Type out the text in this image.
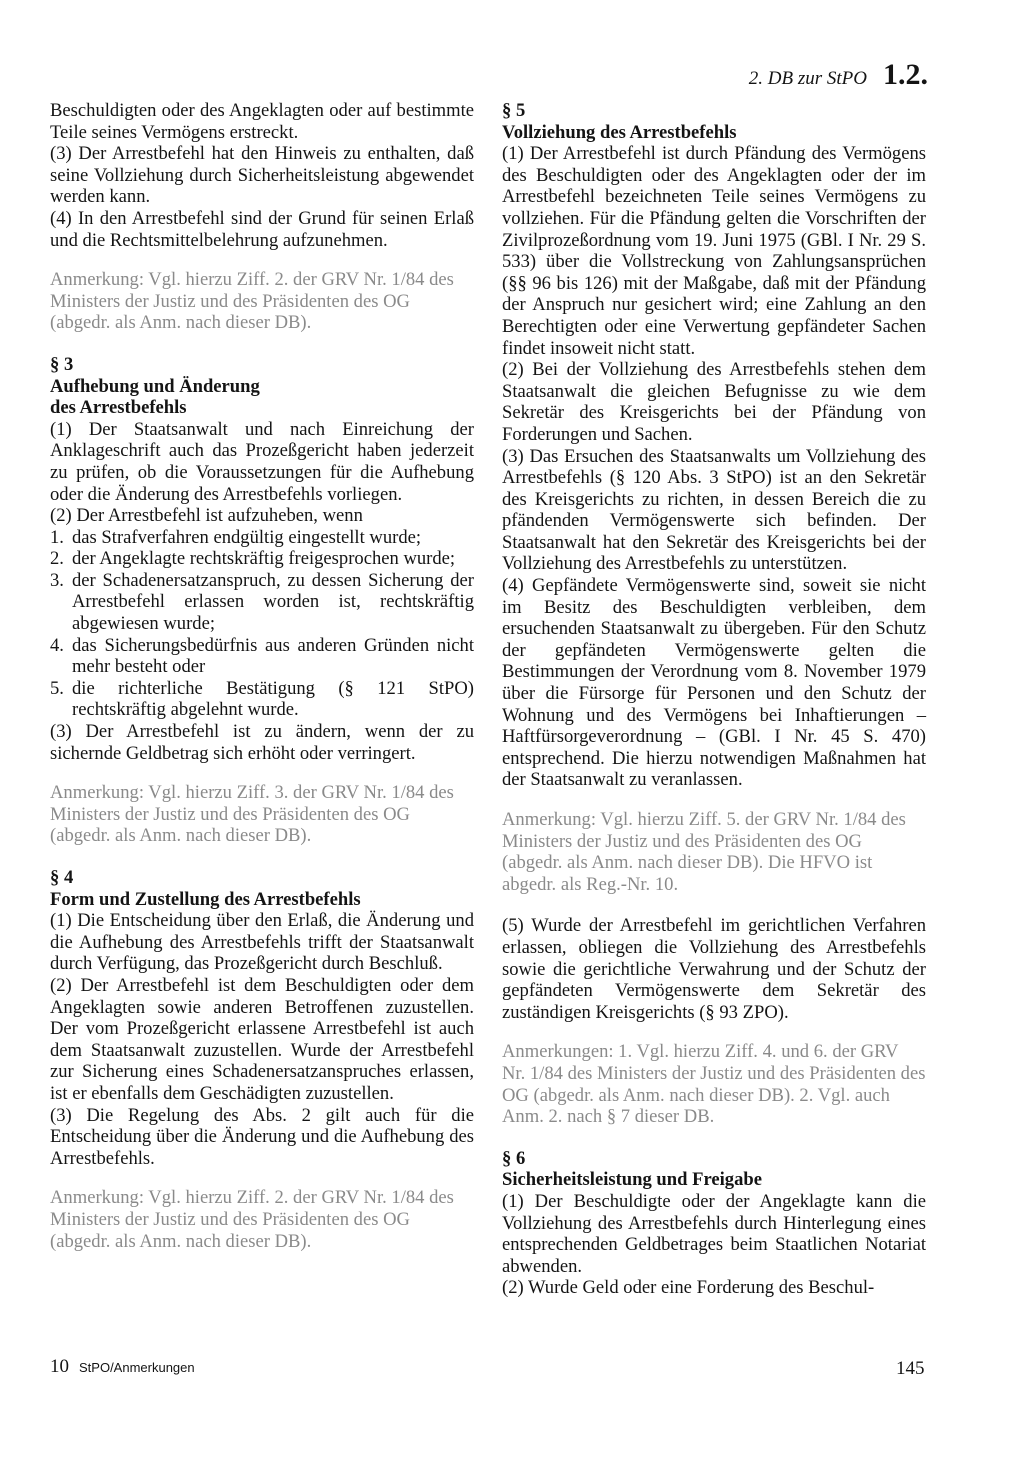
2. DB zur StPO 1.2.

Beschuldigten oder des Angeklagten oder auf bestimmte Teile seines Vermögens erstreckt.

(3) Der Arrestbefehl hat den Hinweis zu enthalten, daß seine Vollziehung durch Sicherheitsleistung abgewendet werden kann.

(4) In den Arrestbefehl sind der Grund für seinen Erlaß und die Rechtsmittelbelehrung aufzunehmen.

Anmerkung: Vgl. hierzu Ziff. 2. der GRV Nr. 1/84 des Ministers der Justiz und des Präsidenten des OG (abgedr. als Anm. nach dieser DB).

§ 3

Aufhebung und Änderung

des Arrestbefehls

(1) Der Staatsanwalt und nach Einreichung der Anklageschrift auch das Prozeßgericht haben jederzeit zu prüfen, ob die Voraussetzungen für die Aufhebung oder die Änderung des Arrestbefehls vorliegen.

(2) Der Arrestbefehl ist aufzuheben, wenn

1. das Strafverfahren endgültig eingestellt wurde;
2. der Angeklagte rechtskräftig freigesprochen wurde;
3. der Schadenersatzanspruch, zu dessen Sicherung der Arrestbefehl erlassen worden ist, rechtskräftig abgewiesen wurde;
4. das Sicherungsbedürfnis aus anderen Gründen nicht mehr besteht oder
5. die richterliche Bestätigung (§ 121 StPO) rechtskräftig abgelehnt wurde.

(3) Der Arrestbefehl ist zu ändern, wenn der zu sichernde Geldbetrag sich erhöht oder verringert.

Anmerkung: Vgl. hierzu Ziff. 3. der GRV Nr. 1/84 des Ministers der Justiz und des Präsidenten des OG (abgedr. als Anm. nach dieser DB).

§ 4

Form und Zustellung des Arrestbefehls

(1) Die Entscheidung über den Erlaß, die Änderung und die Aufhebung des Arrestbefehls trifft der Staatsanwalt durch Verfügung, das Prozeßgericht durch Beschluß.

(2) Der Arrestbefehl ist dem Beschuldigten oder dem Angeklagten sowie anderen Betroffenen zuzustellen. Der vom Prozeßgericht erlassene Arrestbefehl ist auch dem Staatsanwalt zuzustellen. Wurde der Arrestbefehl zur Sicherung eines Schadenersatzanspruches erlassen, ist er ebenfalls dem Geschädigten zuzustellen.

(3) Die Regelung des Abs. 2 gilt auch für die Entscheidung über die Änderung und die Aufhebung des Arrestbefehls.

Anmerkung: Vgl. hierzu Ziff. 2. der GRV Nr. 1/84 des Ministers der Justiz und des Präsidenten des OG (abgedr. als Anm. nach dieser DB).

§ 5

Vollziehung des Arrestbefehls

(1) Der Arrestbefehl ist durch Pfändung des Vermögens des Beschuldigten oder des Angeklagten oder der im Arrestbefehl bezeichneten Teile seines Vermögens zu vollziehen. Für die Pfändung gelten die Vorschriften der Zivilprozeßordnung vom 19. Juni 1975 (GBl. I Nr. 29 S. 533) über die Vollstreckung von Zahlungsansprüchen (§§ 96 bis 126) mit der Maßgabe, daß mit der Pfändung der Anspruch nur gesichert wird; eine Zahlung an den Berechtigten oder eine Verwertung gepfändeter Sachen findet insoweit nicht statt.

(2) Bei der Vollziehung des Arrestbefehls stehen dem Staatsanwalt die gleichen Befugnisse zu wie dem Sekretär des Kreisgerichts bei der Pfändung von Forderungen und Sachen.

(3) Das Ersuchen des Staatsanwalts um Vollziehung des Arrestbefehls (§ 120 Abs. 3 StPO) ist an den Sekretär des Kreisgerichts zu richten, in dessen Bereich die zu pfändenden Vermögenswerte sich befinden. Der Staatsanwalt hat den Sekretär des Kreisgerichts bei der Vollziehung des Arrestbefehls zu unterstützen.

(4) Gepfändete Vermögenswerte sind, soweit sie nicht im Besitz des Beschuldigten verbleiben, dem ersuchenden Staatsanwalt zu übergeben. Für den Schutz der gepfändeten Vermögenswerte gelten die Bestimmungen der Verordnung vom 8. November 1979 über die Fürsorge für Personen und den Schutz der Wohnung und des Vermögens bei Inhaftierungen – Haftfürsorgeverordnung – (GBl. I Nr. 45 S. 470) entsprechend. Die hierzu notwendigen Maßnahmen hat der Staatsanwalt zu veranlassen.

Anmerkung: Vgl. hierzu Ziff. 5. der GRV Nr. 1/84 des Ministers der Justiz und des Präsidenten des OG (abgedr. als Anm. nach dieser DB). Die HFVO ist abgedr. als Reg.-Nr. 10.

(5) Wurde der Arrestbefehl im gerichtlichen Verfahren erlassen, obliegen die Vollziehung des Arrestbefehls sowie die gerichtliche Verwahrung und der Schutz der gepfändeten Vermögenswerte dem Sekretär des zuständigen Kreisgerichts (§ 93 ZPO).

Anmerkungen: 1. Vgl. hierzu Ziff. 4. und 6. der GRV Nr. 1/84 des Ministers der Justiz und des Präsidenten des OG (abgedr. als Anm. nach dieser DB). 2. Vgl. auch Anm. 2. nach § 7 dieser DB.

§ 6

Sicherheitsleistung und Freigabe

(1) Der Beschuldigte oder der Angeklagte kann die Vollziehung des Arrestbefehls durch Hinterlegung eines entsprechenden Geldbetrages beim Staatlichen Notariat abwenden.

(2) Wurde Geld oder eine Forderung des Beschul-

10 StPO/Anmerkungen	145
